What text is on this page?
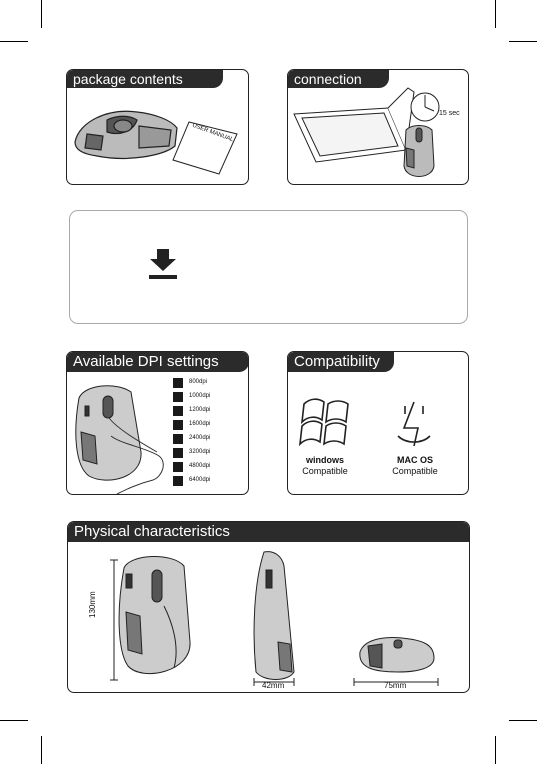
package contents
USER MANUAL
connection
15 sec
Available DPI settings
800dpi
1000dpi
1200dpi
1600dpi
2400dpi
3200dpi
4800dpi
6400dpi
Compatibility
windows
Compatible
MAC OS
Compatible
Physical characteristics
130mm
42mm	75mm
